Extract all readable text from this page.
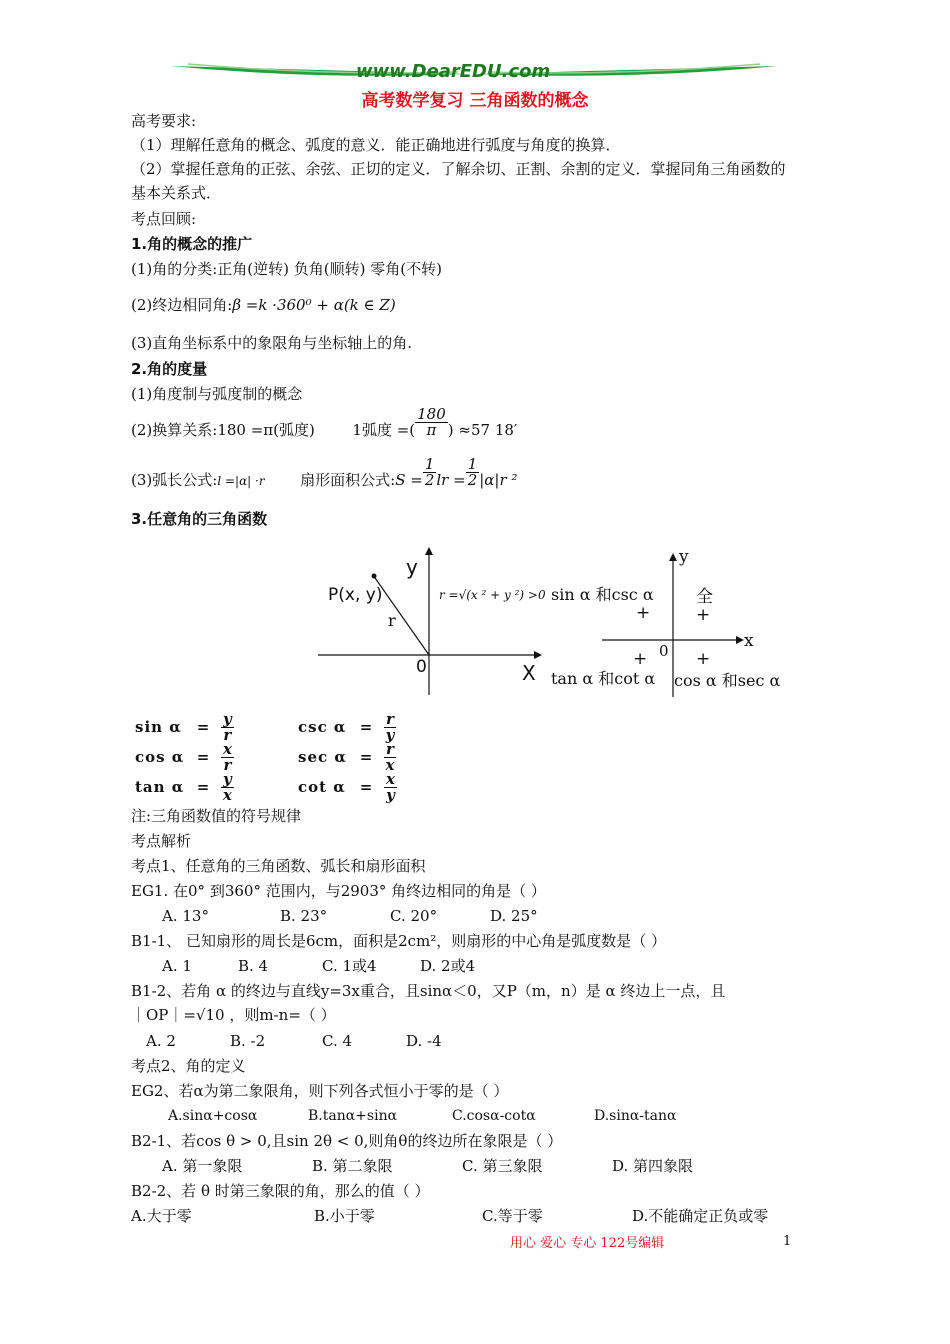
www.DearEDU.com
高考数学复习 三角函数的概念
高考要求:
（1）理解任意角的概念、弧度的意义．能正确地进行弧度与角度的换算．
（2）掌握任意角的正弦、余弦、正切的定义．了解余切、正割、余割的定义．掌握同角三角函数的
基本关系式．
考点回顾:
1.角的概念的推广
(1)角的分类:正角(逆转) 负角(顺转) 零角(不转)
(2)终边相同角:β =k ·360⁰ + α(k ∈ Z)
(3)直角坐标系中的象限角与坐标轴上的角.
2.角的度量
(1)角度制与弧度制的概念
(2)换算关系:180 =π(弧度)	1弧度 =( $\frac{180}{\pi}$ ) ≈57 18′
(3)弧长公式:l =|α| ·r 扇形面积公式:S = $\frac{1}{2}$ lr = $\frac{1}{2} |\alpha|r$ ²
3.任意角的三角函数
y
P(x, y)
r
0	X
r =√(x ² + y ²) >0
y
x
0
sin α 和csc α 全
tan α 和cot α cos α 和sec α
+	+
+	+
$\sin \alpha = \frac{y}{r}$	$\csc \alpha = \frac{r}{y}$
$\cos \alpha = \frac{x}{r}$	$\sec \alpha = \frac{r}{x}$
$\tan \alpha = \frac{y}{x}$	$\cot \alpha = \frac{x}{y}$
注:三角函数值的符号规律
考点解析
考点1、任意角的三角函数、弧长和扇形面积
EG1. 在0° 到360° 范围内，与2903° 角终边相同的角是（ ）
A. 13°	B. 23°	C. 20°	D. 25°
B1-1、 已知扇形的周长是6cm，面积是2cm²，则扇形的中心角是弧度数是（ ）
A. 1	B. 4	C. 1或4	D. 2或4
B1-2、若角 α 的终边与直线y=3x重合，且sinα＜0，又P（m，n）是 α 终边上一点，且
｜OP｜=√10 ，则m-n=（ ）
A. 2	B. -2	C. 4	D. -4
考点2、角的定义
EG2、若α为第二象限角，则下列各式恒小于零的是（ ）
A.sinα+cosα	B.tanα+sinα	C.cosα-cotα	D.sinα-tanα
B2-1、若cos θ > 0,且sin 2θ < 0,则角θ的终边所在象限是（ ）
A. 第一象限	B. 第二象限	C. 第三象限	D. 第四象限
B2-2、若 θ 时第三象限的角，那么的值（ ）
A.大于零	B.小于零	C.等于零	D.不能确定正负或零
用心 爱心 专心 122号编辑	1
